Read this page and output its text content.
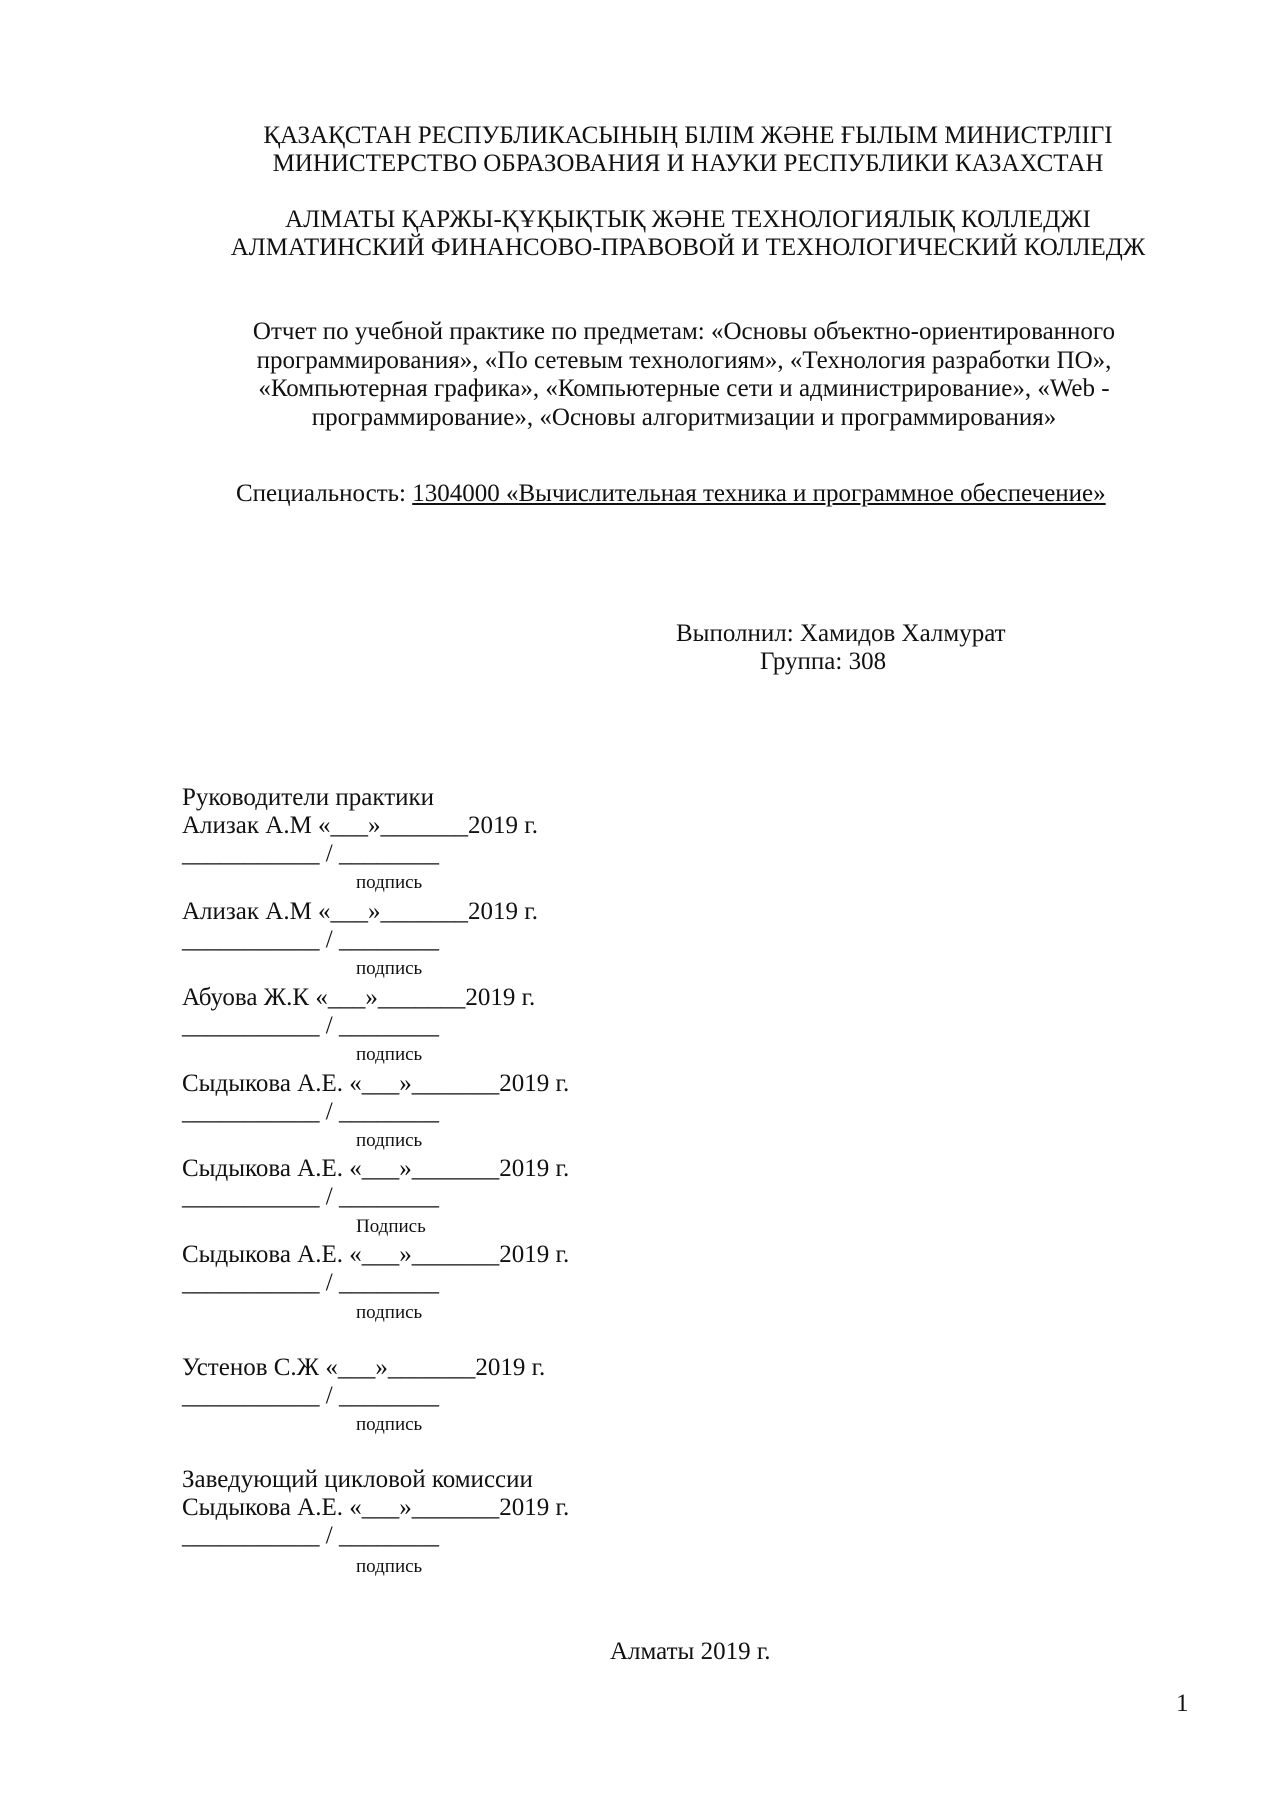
ҚАЗАҚСТАН РЕСПУБЛИКАСЫНЫҢ БІЛІМ ЖӘНЕ ҒЫЛЫМ МИНИСТРЛІГІ
МИНИСТЕРСТВО ОБРАЗОВАНИЯ И НАУКИ РЕСПУБЛИКИ КАЗАХСТАН
АЛМАТЫ ҚАРЖЫ-ҚҰҚЫҚТЫҚ ЖӘНЕ ТЕХНОЛОГИЯЛЫҚ КОЛЛЕДЖІ
АЛМАТИНСКИЙ ФИНАНСОВО-ПРАВОВОЙ И ТЕХНОЛОГИЧЕСКИЙ КОЛЛЕДЖ
Отчет по учебной практике по предметам: «Основы объектно-ориентированного
программирования», «По сетевым технологиям», «Технология разработки ПО»,
«Компьютерная графика», «Компьютерные сети и администрирование», «Web -
программирование», «Основы алгоритмизации и программирования»
Специальность: 1304000 «Вычислительная техника и программное обеспечение»
Выполнил: Хамидов Халмурат
Группа: 308
Руководители практики
Ализак А.М «___»_______2019 г.
___________ / ________
подпись
Ализак А.М «___»_______2019 г.
___________ / ________
подпись
Абуова Ж.К «___»_______2019 г.
___________ / ________
подпись
Сыдыкова А.Е. «___»_______2019 г.
___________ / ________
подпись
Сыдыкова А.Е. «___»_______2019 г.
___________ / ________
Подпись
Сыдыкова А.Е. «___»_______2019 г.
___________ / ________
подпись
Устенов С.Ж «___»_______2019 г.
___________ / ________
подпись
Заведующий цикловой комиссии
Сыдыкова А.Е. «___»_______2019 г.
___________ / ________
подпись
Алматы 2019 г.
1
